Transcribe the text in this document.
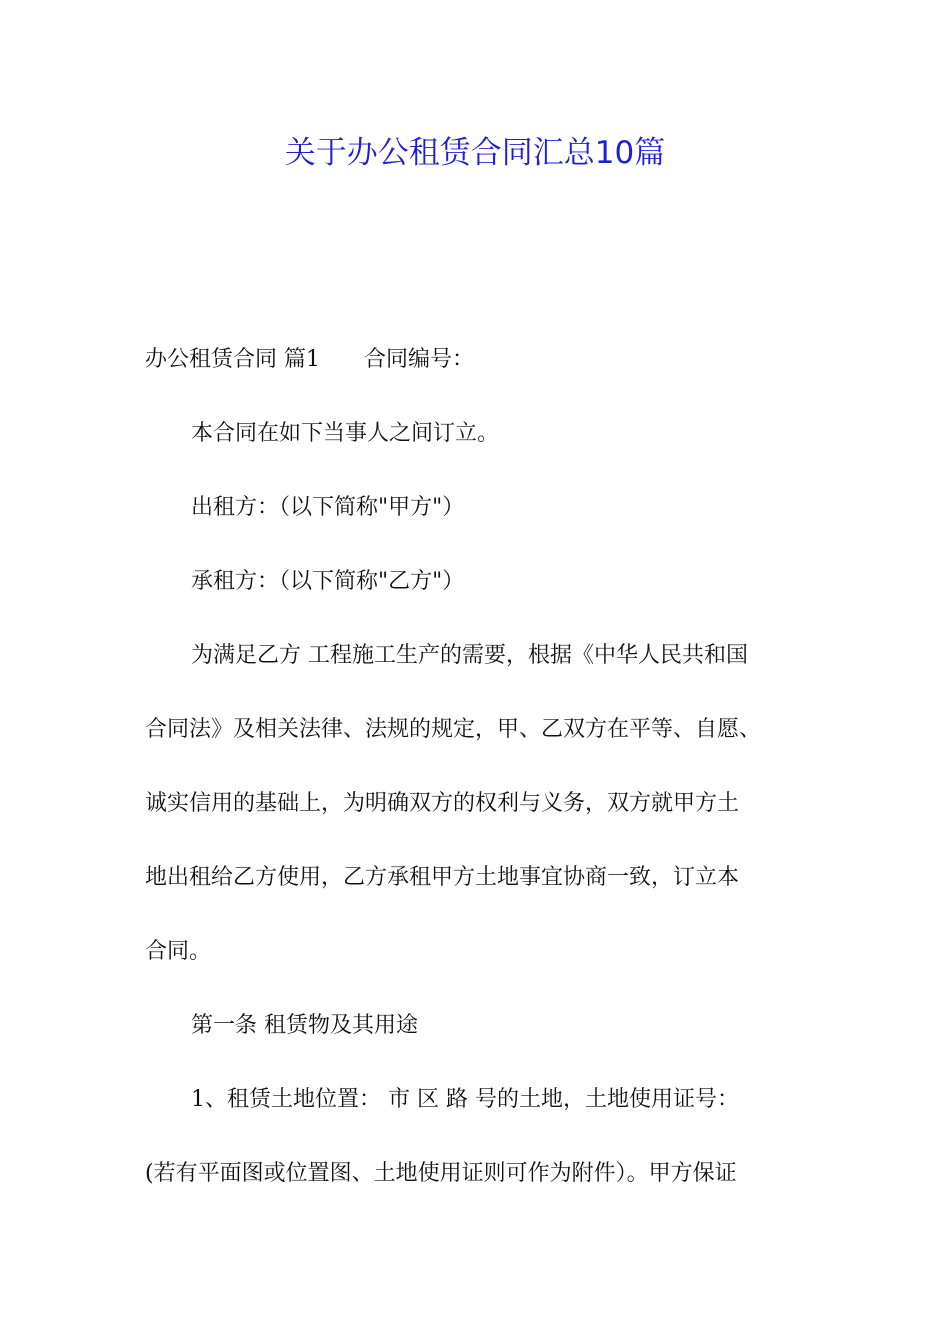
关于办公租赁合同汇总10篇

办公租赁合同 篇1 合同编号：

本合同在如下当事人之间订立。

出租方：（以下简称"甲方"）

承租方：（以下简称"乙方"）

为满足乙方 工程施工生产的需要，根据《中华人民共和国

合同法》及相关法律、法规的规定，甲、乙双方在平等、自愿、

诚实信用的基础上，为明确双方的权利与义务，双方就甲方土

地出租给乙方使用，乙方承租甲方土地事宜协商一致，订立本

合同。

第一条 租赁物及其用途

1、租赁土地位置： 市 区 路 号的土地，土地使用证号：

(若有平面图或位置图、土地使用证则可作为附件）。甲方保证
